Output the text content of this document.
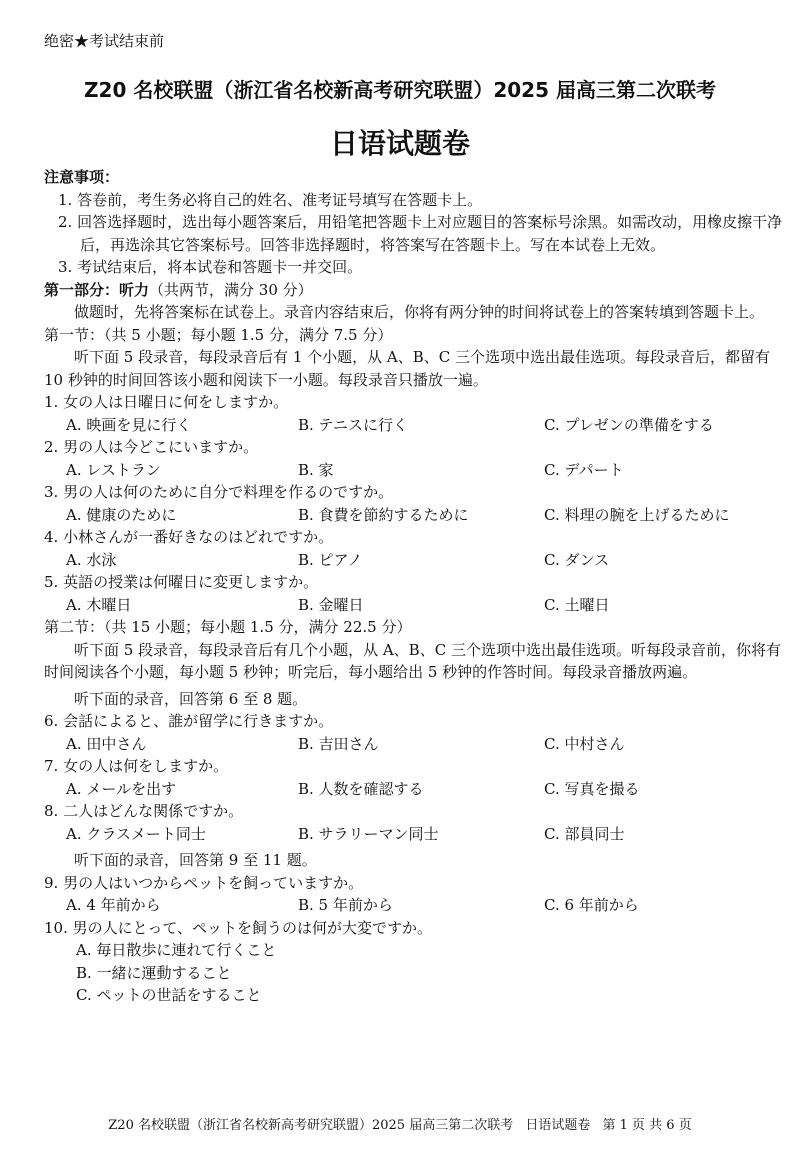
绝密★考试结束前
Z20 名校联盟（浙江省名校新高考研究联盟）2025 届高三第二次联考
日语试题卷
注意事项：
1. 答卷前，考生务必将自己的姓名、准考证号填写在答题卡上。
2. 回答选择题时，选出每小题答案后，用铅笔把答题卡上对应题目的答案标号涂黑。如需改动，用橡皮擦干净后，再选涂其它答案标号。回答非选择题时，将答案写在答题卡上。写在本试卷上无效。
3. 考试结束后，将本试卷和答题卡一并交回。
第一部分：听力（共两节，满分 30 分）
做题时，先将答案标在试卷上。录音内容结束后，你将有两分钟的时间将试卷上的答案转填到答题卡上。
第一节：（共 5 小题；每小题 1.5 分，满分 7.5 分）
听下面 5 段录音，每段录音后有 1 个小题，从 A、B、C 三个选项中选出最佳选项。每段录音后，都留有 10 秒钟的时间回答该小题和阅读下一小题。每段录音只播放一遍。
1. 女の人は日曜日に何をしますか。
A. 映画を見に行く	B. テニスに行く	C. プレゼンの準備をする
2. 男の人は今どこにいますか。
A. レストラン	B. 家	C. デパート
3. 男の人は何のために自分で料理を作るのですか。
A. 健康のために	B. 食費を節約するために	C. 料理の腕を上げるために
4. 小林さんが一番好きなのはどれですか。
A. 水泳	B. ピアノ	C. ダンス
5. 英語の授業は何曜日に変更しますか。
A. 木曜日	B. 金曜日	C. 土曜日
第二节：（共 15 小题；每小题 1.5 分，满分 22.5 分）
听下面 5 段录音，每段录音后有几个小题，从 A、B、C 三个选项中选出最佳选项。听每段录音前，你将有时间阅读各个小题，每小题 5 秒钟；听完后，每小题给出 5 秒钟的作答时间。每段录音播放两遍。
听下面的录音，回答第 6 至 8 题。
6. 会話によると、誰が留学に行きますか。
A. 田中さん	B. 吉田さん	C. 中村さん
7. 女の人は何をしますか。
A. メールを出す	B. 人数を確認する	C. 写真を撮る
8. 二人はどんな関係ですか。
A. クラスメート同士	B. サラリーマン同士	C. 部員同士
听下面的录音，回答第 9 至 11 题。
9. 男の人はいつからペットを飼っていますか。
A. 4 年前から	B. 5 年前から	C. 6 年前から
10. 男の人にとって、ペットを飼うのは何が大変ですか。
A. 毎日散歩に連れて行くこと
B. 一緒に運動すること
C. ペットの世話をすること
Z20 名校联盟（浙江省名校新高考研究联盟）2025 届高三第二次联考 日语试题卷 第 1 页 共 6 页
